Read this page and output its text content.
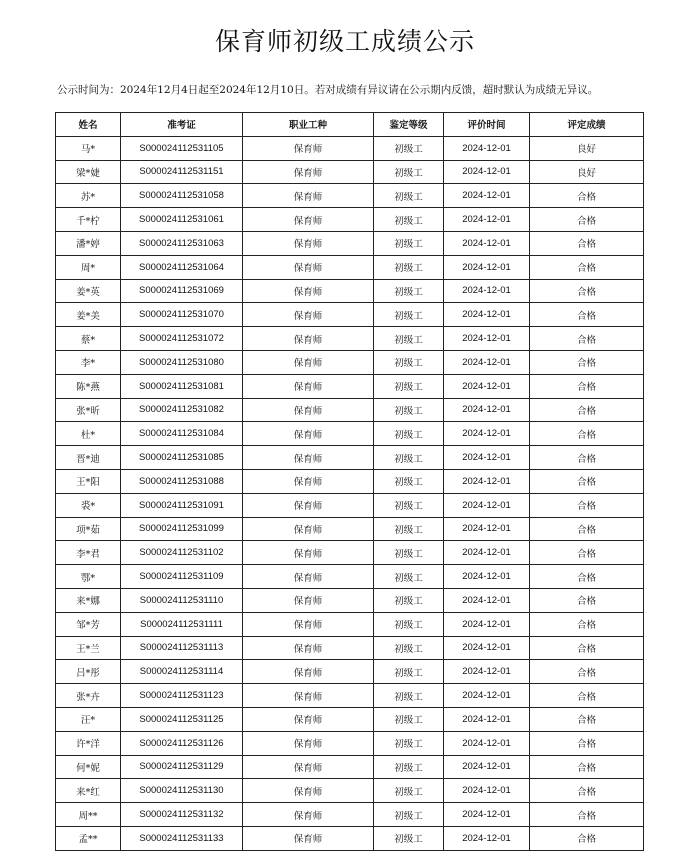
保育师初级工成绩公示
公示时间为：2024年12月4日起至2024年12月10日。若对成绩有异议请在公示期内反馈，超时默认为成绩无异议。
姓名	准考证	职业工种	鉴定等级	评价时间	评定成绩
马*	S000024112531105	保育师	初级工	2024-12-01	良好
梁*婕	S000024112531151	保育师	初级工	2024-12-01	良好
苏*	S000024112531058	保育师	初级工	2024-12-01	合格
千*柠	S000024112531061	保育师	初级工	2024-12-01	合格
潘*婷	S000024112531063	保育师	初级工	2024-12-01	合格
周*	S000024112531064	保育师	初级工	2024-12-01	合格
姜*英	S000024112531069	保育师	初级工	2024-12-01	合格
姜*美	S000024112531070	保育师	初级工	2024-12-01	合格
蔡*	S000024112531072	保育师	初级工	2024-12-01	合格
李*	S000024112531080	保育师	初级工	2024-12-01	合格
陈*燕	S000024112531081	保育师	初级工	2024-12-01	合格
张*昕	S000024112531082	保育师	初级工	2024-12-01	合格
杜*	S000024112531084	保育师	初级工	2024-12-01	合格
晋*迪	S000024112531085	保育师	初级工	2024-12-01	合格
王*阳	S000024112531088	保育师	初级工	2024-12-01	合格
裘*	S000024112531091	保育师	初级工	2024-12-01	合格
项*茹	S000024112531099	保育师	初级工	2024-12-01	合格
李*君	S000024112531102	保育师	初级工	2024-12-01	合格
鄂*	S000024112531109	保育师	初级工	2024-12-01	合格
来*娜	S000024112531110	保育师	初级工	2024-12-01	合格
邹*芳	S000024112531111	保育师	初级工	2024-12-01	合格
王*兰	S000024112531113	保育师	初级工	2024-12-01	合格
吕*彤	S000024112531114	保育师	初级工	2024-12-01	合格
张*卉	S000024112531123	保育师	初级工	2024-12-01	合格
汪*	S000024112531125	保育师	初级工	2024-12-01	合格
许*洋	S000024112531126	保育师	初级工	2024-12-01	合格
何*妮	S000024112531129	保育师	初级工	2024-12-01	合格
来*红	S000024112531130	保育师	初级工	2024-12-01	合格
周**	S000024112531132	保育师	初级工	2024-12-01	合格
孟**	S000024112531133	保育师	初级工	2024-12-01	合格
